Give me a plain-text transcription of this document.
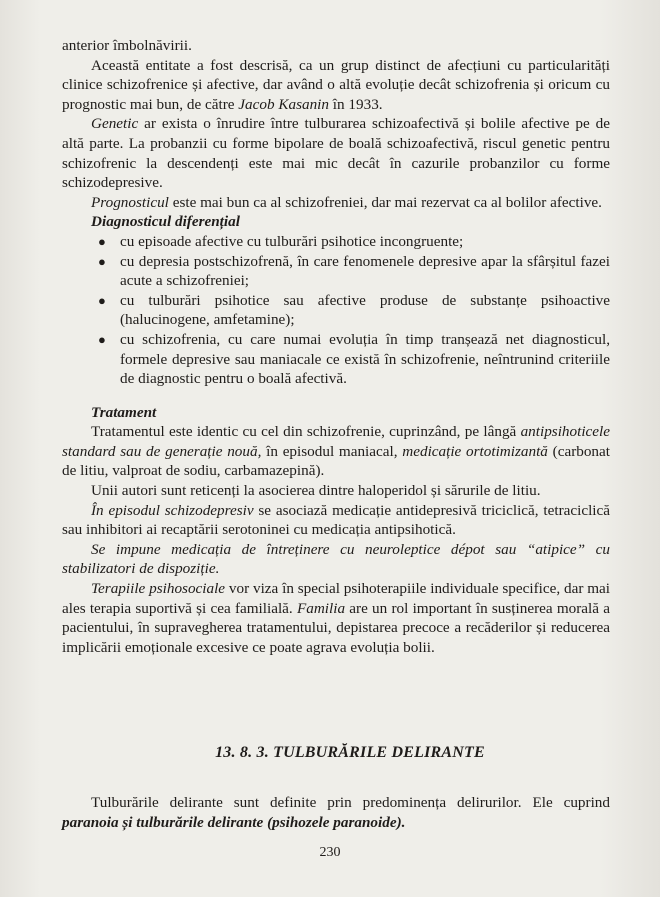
anterior îmbolnăvirii.

Această entitate a fost descrisă, ca un grup distinct de afecțiuni cu particularități clinice schizofrenice și afective, dar având o altă evoluție decât schizofrenia și oricum cu prognostic mai bun, de către Jacob Kasanin în 1933.

Genetic ar exista o înrudire între tulburarea schizoafectivă și bolile afective pe de altă parte. La probanzii cu forme bipolare de boală schizoafectivă, riscul genetic pentru schizofrenic la descendenți este mai mic decât în cazurile probanzilor cu forme schizodepresive.

Prognosticul este mai bun ca al schizofreniei, dar mai rezervat ca al bolilor afective.

Diagnosticul diferențial

● cu episoade afective cu tulburări psihotice incongruente;
● cu depresia postschizofrenă, în care fenomenele depresive apar la sfârșitul fazei acute a schizofreniei;
● cu tulburări psihotice sau afective produse de substanțe psihoactive (halucinogene, amfetamine);
● cu schizofrenia, cu care numai evoluția în timp tranșează net diagnosticul, formele depresive sau maniacale ce există în schizofrenie, neîntrunind criteriile de diagnostic pentru o boală afectivă.

Tratament

Tratamentul este identic cu cel din schizofrenie, cuprinzând, pe lângă antipsihoticele standard sau de generație nouă, în episodul maniacal, medicație ortotimizantă (carbonat de litiu, valproat de sodiu, carbamazepină).

Unii autori sunt reticenți la asocierea dintre haloperidol și sărurile de litiu.

În episodul schizodepresiv se asociază medicație antidepresivă triciclică, tetraciclică sau inhibitori ai recaptării serotoninei cu medicația antipsihotică.

Se impune medicația de întreținere cu neuroleptice dépot sau “atipice” cu stabilizatori de dispoziție.

Terapiile psihosociale vor viza în special psihoterapiile individuale specifice, dar mai ales terapia suportivă și cea familială. Familia are un rol important în susținerea morală a pacientului, în supravegherea tratamentului, depistarea precoce a recăderilor și reducerea implicării emoționale excesive ce poate agrava evoluția bolii.

13. 8. 3. TULBURĂRILE DELIRANTE

Tulburările delirante sunt definite prin predominența delirurilor. Ele cuprind paranoia și tulburările delirante (psihozele paranoide).

230
